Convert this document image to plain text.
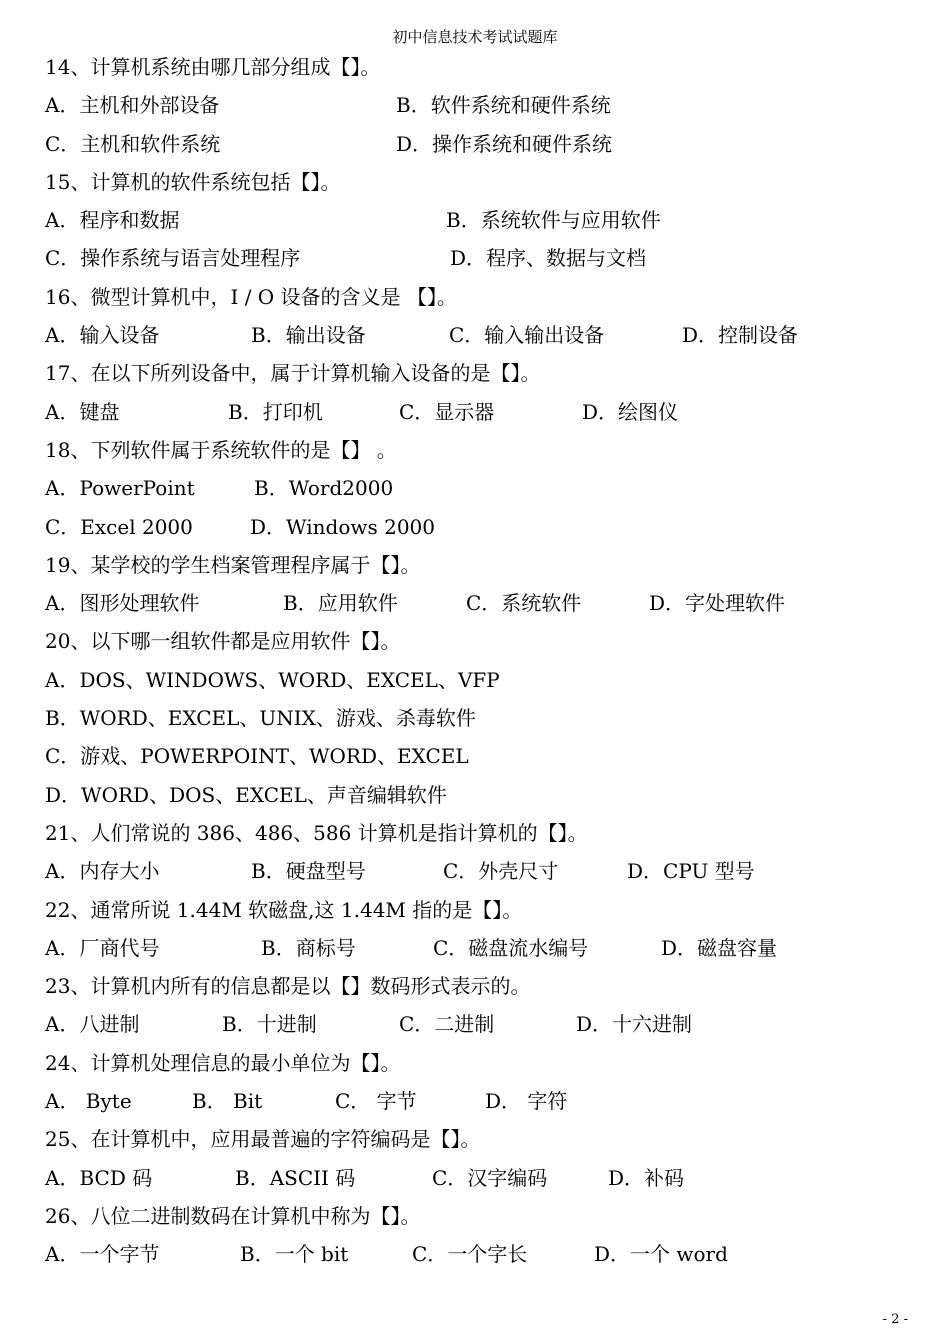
初中信息技术考试试题库
14、计算机系统由哪几部分组成【】。
A．主机和外部设备	B．软件系统和硬件系统
C．主机和软件系统	D．操作系统和硬件系统
15、计算机的软件系统包括【】。
A．程序和数据	B．系统软件与应用软件
C．操作系统与语言处理程序	D．程序、数据与文档
16、微型计算机中，I / O 设备的含义是 【】。
A．输入设备	B．输出设备	C．输入输出设备	D．控制设备
17、在以下所列设备中，属于计算机输入设备的是【】。
A．键盘	B．打印机	C．显示器	D．绘图仪
18、下列软件属于系统软件的是【】 。
A．PowerPoint	B．Word2000
C．Excel 2000	D．Windows 2000
19、某学校的学生档案管理程序属于【】。
A．图形处理软件	B．应用软件	C．系统软件	D．字处理软件
20、以下哪一组软件都是应用软件【】。
A．DOS、WINDOWS、WORD、EXCEL、VFP
B．WORD、EXCEL、UNIX、游戏、杀毒软件
C．游戏、POWERPOINT、WORD、EXCEL
D．WORD、DOS、EXCEL、声音编辑软件
21、人们常说的 386、486、586 计算机是指计算机的【】。
A．内存大小	B．硬盘型号	C．外壳尺寸	D．CPU 型号
22、通常所说 1.44M 软磁盘,这 1.44M 指的是【】。
A．厂商代号	B．商标号	C．磁盘流水编号	D．磁盘容量
23、计算机内所有的信息都是以【】数码形式表示的。
A．八进制	B．十进制	C．二进制	D．十六进制
24、计算机处理信息的最小单位为【】。
A． Byte	B． Bit	C． 字节	D． 字符
25、在计算机中，应用最普遍的字符编码是【】。
A．BCD 码	B．ASCII 码	C．汉字编码	D．补码
26、八位二进制数码在计算机中称为【】。
A．一个字节	B．一个 bit	C．一个字长	D．一个 word
- 2 -
